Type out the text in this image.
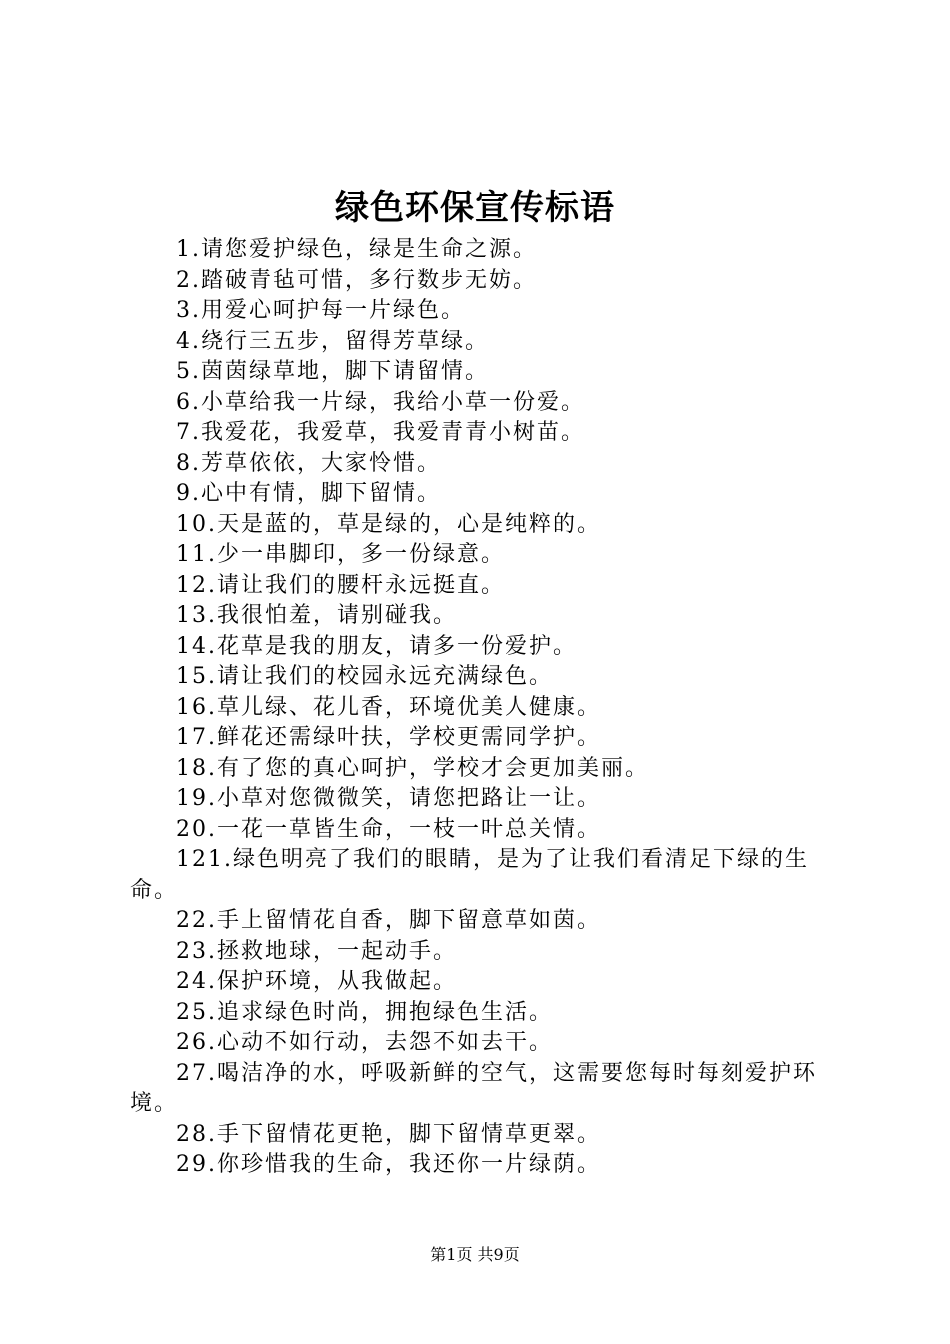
绿色环保宣传标语

1.请您爱护绿色，绿是生命之源。

2.踏破青毡可惜，多行数步无妨。

3.用爱心呵护每一片绿色。

4.绕行三五步，留得芳草绿。

5.茵茵绿草地，脚下请留情。

6.小草给我一片绿，我给小草一份爱。

7.我爱花，我爱草，我爱青青小树苗。

8.芳草依依，大家怜惜。

9.心中有情，脚下留情。

10.天是蓝的，草是绿的，心是纯粹的。

11.少一串脚印，多一份绿意。

12.请让我们的腰杆永远挺直。

13.我很怕羞，请别碰我。

14.花草是我的朋友，请多一份爱护。

15.请让我们的校园永远充满绿色。

16.草儿绿、花儿香，环境优美人健康。

17.鲜花还需绿叶扶，学校更需同学护。

18.有了您的真心呵护，学校才会更加美丽。

19.小草对您微微笑，请您把路让一让。

20.一花一草皆生命，一枝一叶总关情。

121.绿色明亮了我们的眼睛，是为了让我们看清足下绿的生命。

22.手上留情花自香，脚下留意草如茵。

23.拯救地球，一起动手。

24.保护环境，从我做起。

25.追求绿色时尚，拥抱绿色生活。

26.心动不如行动，去怨不如去干。

27.喝洁净的水，呼吸新鲜的空气，这需要您每时每刻爱护环境。

28.手下留情花更艳，脚下留情草更翠。

29.你珍惜我的生命，我还你一片绿荫。

第1页 共9页
